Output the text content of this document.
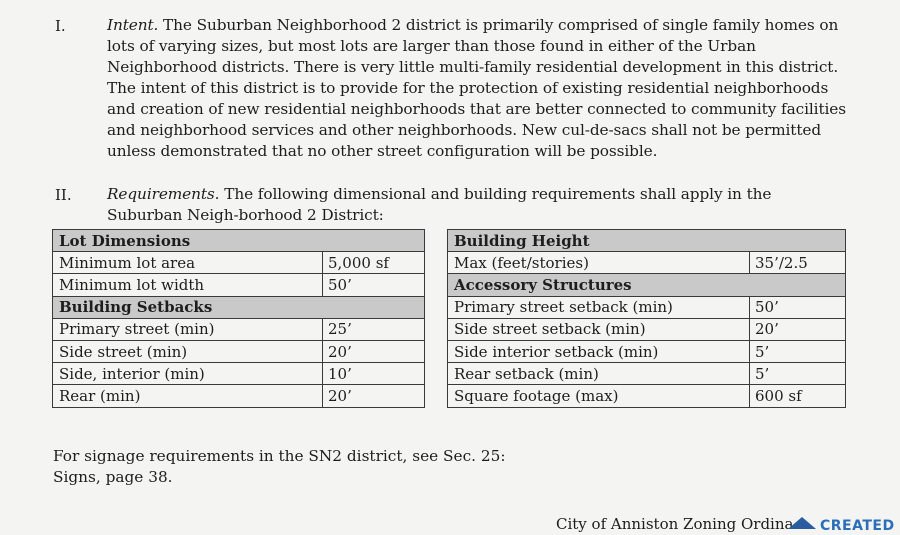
I.	Intent. The Suburban Neighborhood 2 district is primarily comprised of single family homes on lots of varying sizes, but most lots are larger than those found in either of the Urban Neighborhood districts. There is very little multi-family residential development in this district. The intent of this district is to provide for the protection of existing residential neighborhoods and creation of new residential neighborhoods that are better connected to community facilities and neighborhood services and other neighborhoods. New cul-de-sacs shall not be permitted unless demonstrated that no other street configuration will be possible.
II. Requirements. The following dimensional and building requirements shall apply in the Suburban Neigh-borhood 2 District:
Lot Dimensions	
Minimum lot area	5,000 sf
Minimum lot width	50’
Building Setbacks	
Primary street (min)	25’
Side street (min)	20’
Side, interior (min)	10’
Rear (min)	20’
Building Height	
Max (feet/stories)	35’/2.5
Accessory Structures	
Primary street setback (min)	50’
Side street setback (min)	20’
Side interior setback (min)	5’
Rear setback (min)	5’
Square footage (max)	600 sf
For signage requirements in the SN2 district, see Sec. 25:
Signs, page 38.
City of Anniston Zoning Ordina CREATED
